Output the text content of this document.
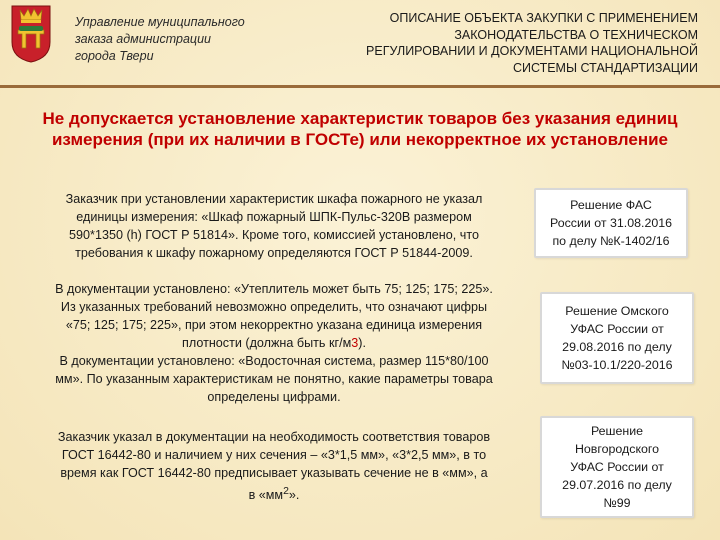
Управление муниципального
заказа администрации
города Твери
ОПИСАНИЕ ОБЪЕКТА ЗАКУПКИ С ПРИМЕНЕНИЕМ
ЗАКОНОДАТЕЛЬСТВА О ТЕХНИЧЕСКОМ
РЕГУЛИРОВАНИИ И ДОКУМЕНТАМИ НАЦИОНАЛЬНОЙ
СИСТЕМЫ СТАНДАРТИЗАЦИИ
Не допускается установление характеристик товаров без указания единиц
измерения (при их наличии в ГОСТе) или некорректное их установление
Заказчик при установлении характеристик шкафа пожарного не указал
единицы измерения: «Шкаф пожарный ШПК-Пульс-320В размером
590*1350 (h) ГОСТ Р 51814». Кроме того, комиссией установлено, что
требования к шкафу пожарному определяются ГОСТ Р 51844-2009.
В документации установлено: «Утеплитель может быть 75; 125; 175; 225».
Из указанных требований невозможно определить, что означают цифры
«75; 125; 175; 225», при этом некорректно указана единица измерения
плотности (должна быть кг/м3).
В документации установлено: «Водосточная система, размер 115*80/100
мм». По указанным характеристикам не понятно, какие параметры товара
определены цифрами.
Заказчик указал в документации на необходимость соответствия товаров
ГОСТ 16442-80 и наличием у них сечения – «3*1,5 мм», «3*2,5 мм», в то
время как ГОСТ 16442-80 предписывает указывать сечение не в «мм», а
в «$мм^2$».
Решение ФАС
России от 31.08.2016
по делу №К-1402/16
Решение Омского
УФАС России от
29.08.2016 по делу
№03-10.1/220-2016
Решение
Новгородского
УФАС России от
29.07.2016 по делу
№99
